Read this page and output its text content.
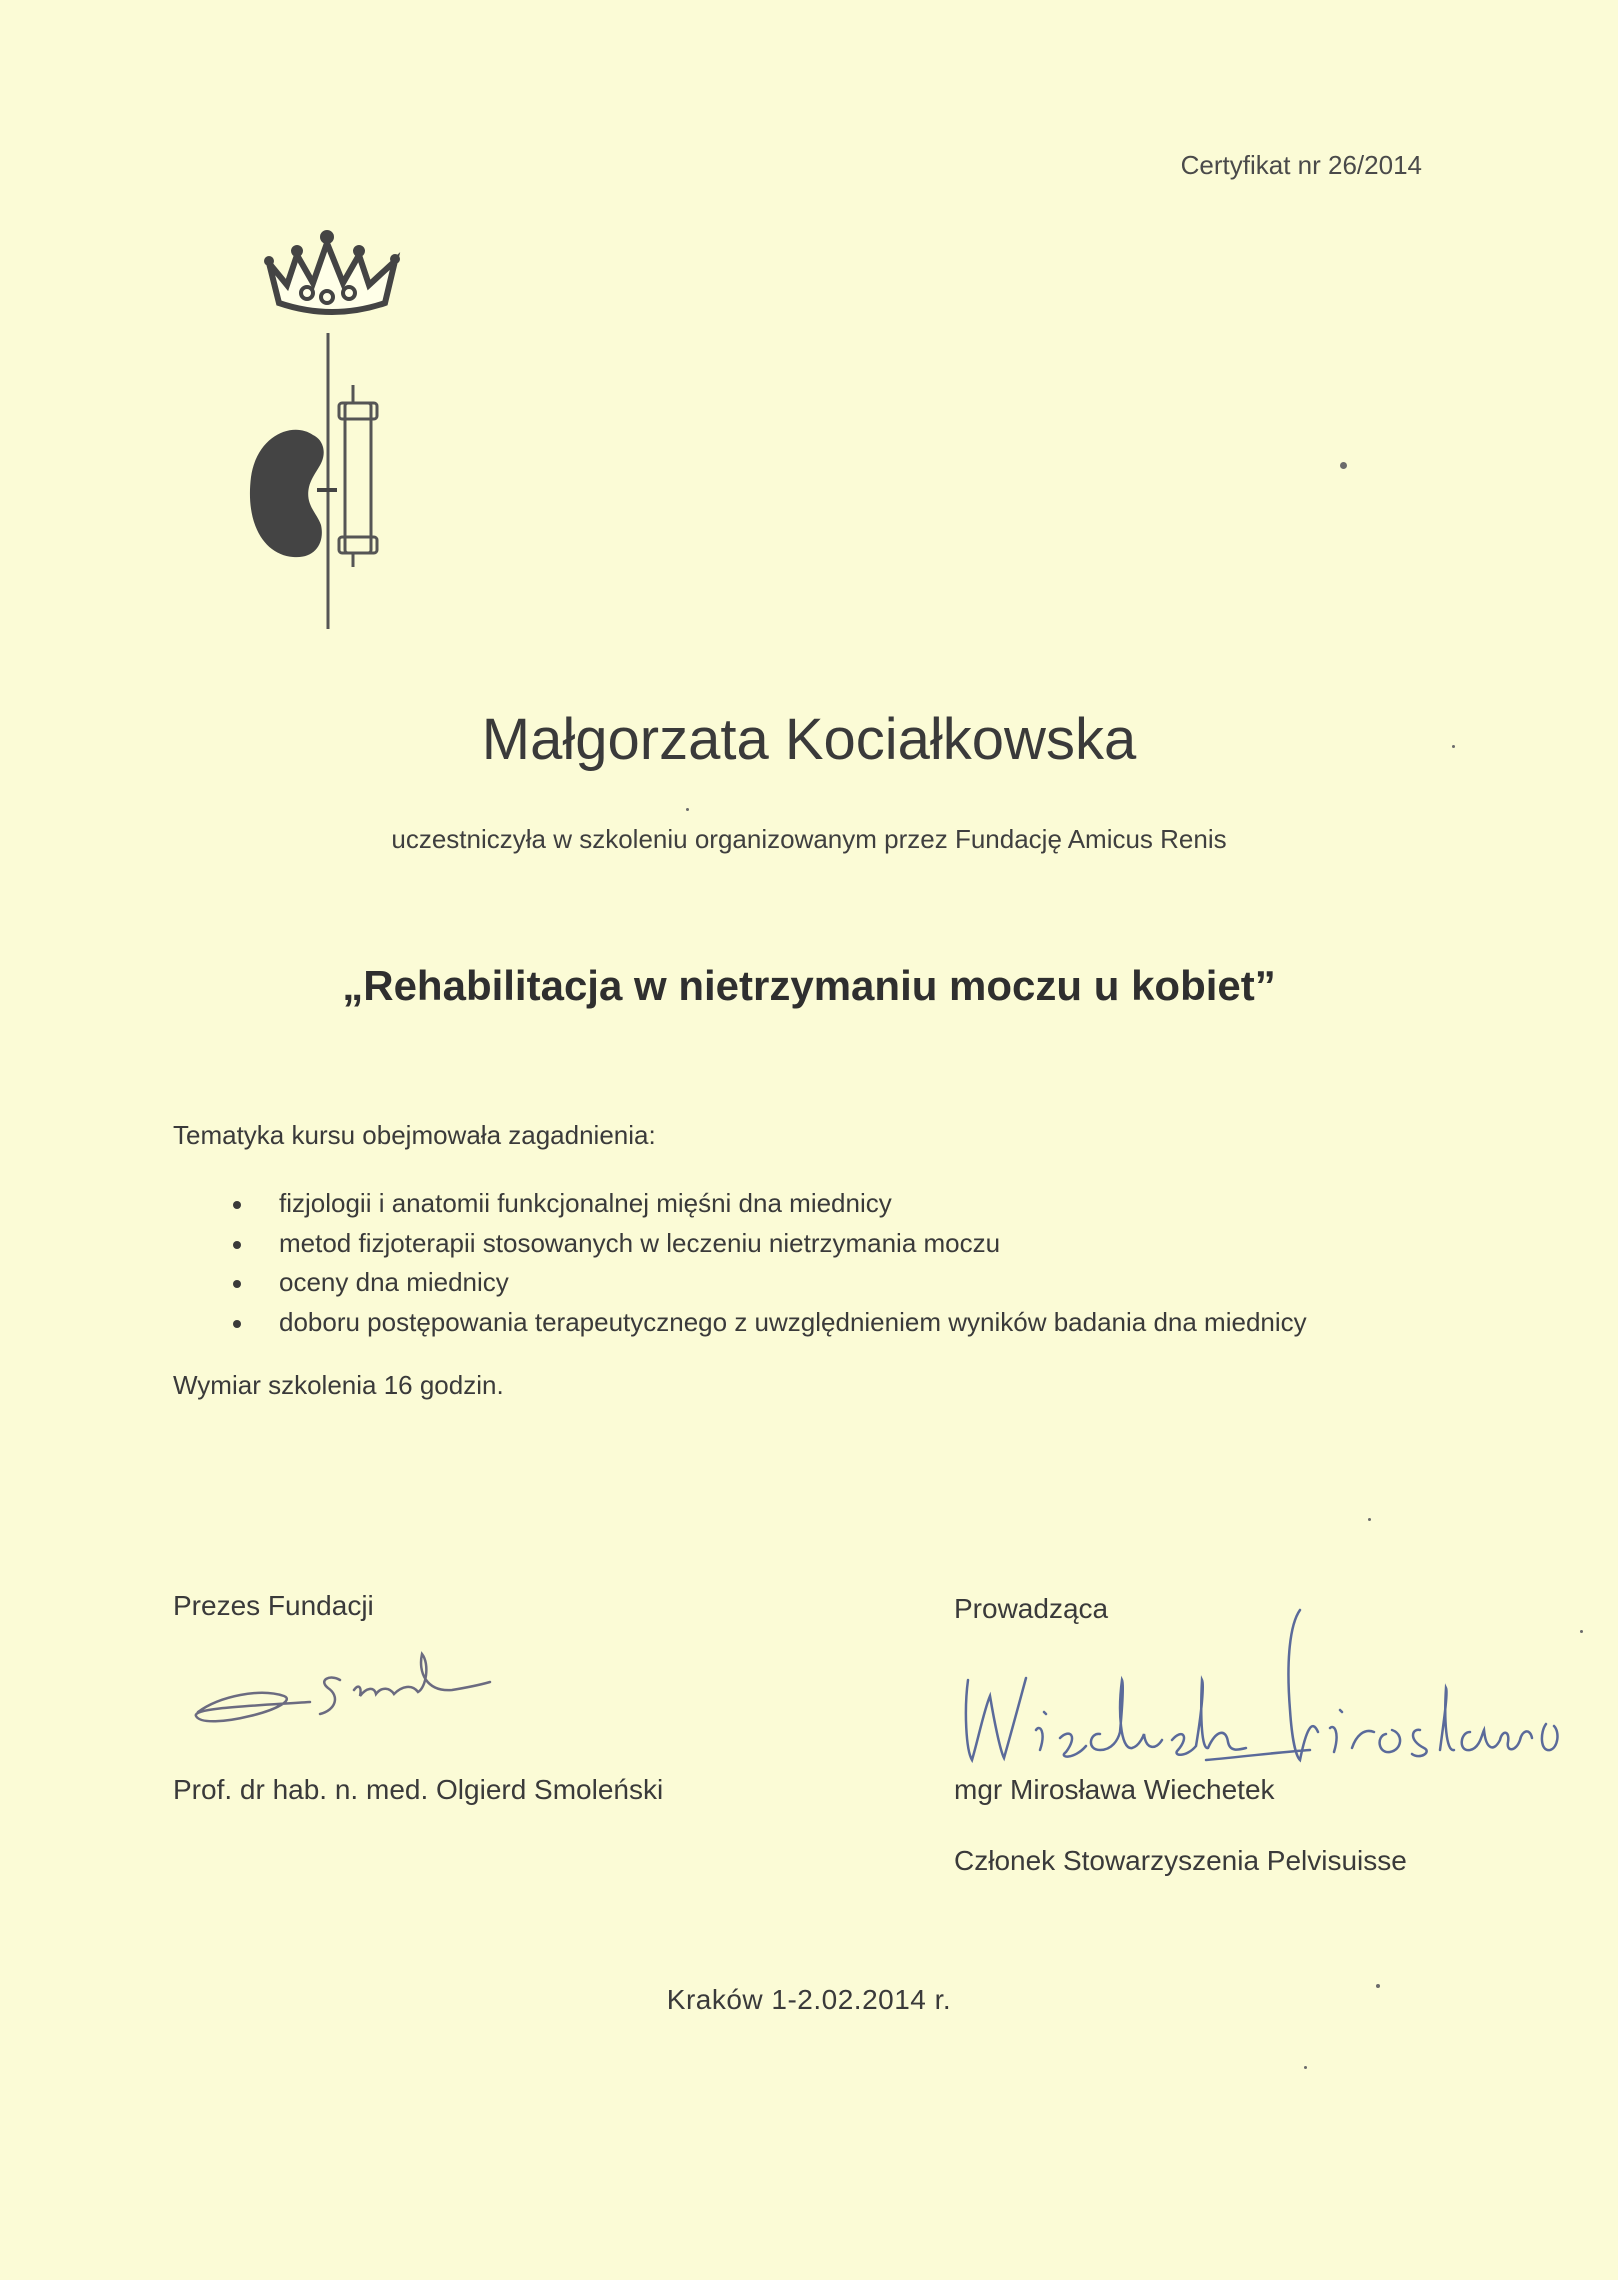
Certyfikat nr 26/2014
Małgorzata Kociałkowska
uczestniczyła w szkoleniu organizowanym przez Fundację Amicus Renis
„Rehabilitacja w nietrzymaniu moczu u kobiet”
Tematyka kursu obejmowała zagadnienia:
fizjologii i anatomii funkcjonalnej mięśni dna miednicy
metod fizjoterapii stosowanych w leczeniu nietrzymania moczu
oceny dna miednicy
doboru postępowania terapeutycznego z uwzględnieniem wyników badania dna miednicy
Wymiar szkolenia 16 godzin.
Prezes Fundacji	Prowadząca
Prof. dr hab. n. med. Olgierd Smoleński	mgr Mirosława Wiechetek
Członek Stowarzyszenia Pelvisuisse
Kraków 1-2.02.2014 r.
